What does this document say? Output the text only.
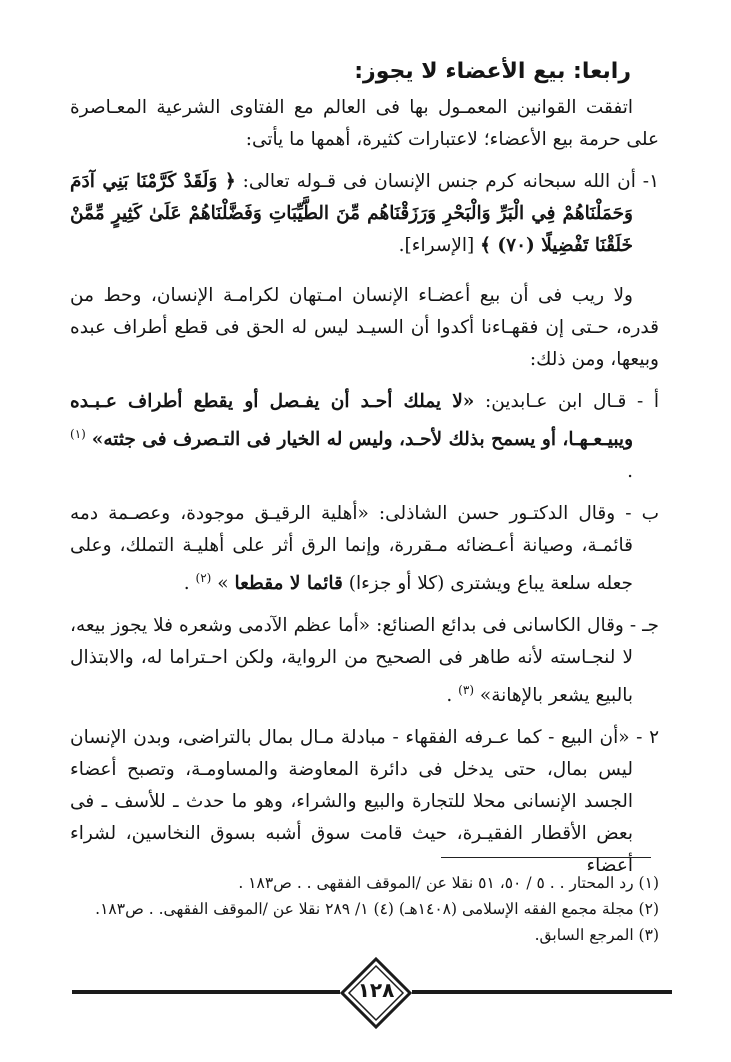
رابعا: بيع الأعضاء لا يجوز:

اتفقت القوانين المعمـول بها فى العالم مع الفتاوى الشرعية المعـاصرة على حرمة بيع الأعضاء؛ لاعتبارات كثيرة، أهمها ما يأتى:

١- أن الله سبحانه كرم جنس الإنسان فى قـوله تعالى: ﴿ وَلَقَدْ كَرَّمْنَا بَنِي آدَمَ وَحَمَلْنَاهُمْ فِي الْبَرِّ وَالْبَحْرِ وَرَزَقْنَاهُم مِّنَ الطَّيِّبَاتِ وَفَضَّلْنَاهُمْ عَلَىٰ كَثِيرٍ مِّمَّنْ خَلَقْنَا تَفْضِيلًا (٧٠) ﴾ [الإسراء].

ولا ريب فى أن بيع أعضـاء الإنسان امـتهان لكرامـة الإنسان، وحط من قدره، حـتى إن فقهـاءنا أكدوا أن السيـد ليس له الحق فى قطع أطراف عبده وبيعها، ومن ذلك:

أ - قـال ابن عـابدين: «لا يملك أحـد أن يفـصل أو يقطع أطراف عـبـده ويبيـعـهـا، أو يسمح بذلك لأحـد، وليس له الخيار فى التـصرف فى جثته» $^{(١)}$ .

ب - وقال الدكتـور حسن الشاذلى: «أهلية الرقيـق موجودة، وعصـمة دمه قائمـة، وصيانة أعـضائه مـقررة، وإنما الرق أثر على أهليـة التملك، وعلى جعله سلعة يباع ويشترى (كلا أو جزءا) قائما لا مقطعا » $^{(٢)}$ .

جـ - وقال الكاسانى فى بدائع الصنائع: «أما عظم الآدمى وشعره فلا يجوز بيعه، لا لنجـاسته لأنه طاهر فى الصحيح من الرواية، ولكن احـتراما له، والابتذال بالبيع يشعر بالإهانة» $^{(٣)}$ .

٢ - «أن البيع - كما عـرفه الفقهاء - مبادلة مـال بمال بالتراضى، وبدن الإنسان ليس بمال، حتى يدخل فى دائرة المعاوضة والمساومـة، وتصبح أعضاء الجسد الإنسانى محلا للتجارة والبيع والشراء، وهو ما حدث ـ للأسف ـ فى بعض الأقطار الفقيـرة، حيث قامت سوق أشبه بسوق النخاسين، لشراء أعضاء

(١) رد المحتار . . ٥ / ٥٠، ٥١ نقلا عن /الموقف الفقهى . . ص١٨٣ .
(٢) مجلة مجمع الفقه الإسلامى (١٤٠٨هـ) (٤) ١/ ٢٨٩ نقلا عن /الموقف الفقهى. . ص١٨٣.
(٣) المرجع السابق.
١٢٨
